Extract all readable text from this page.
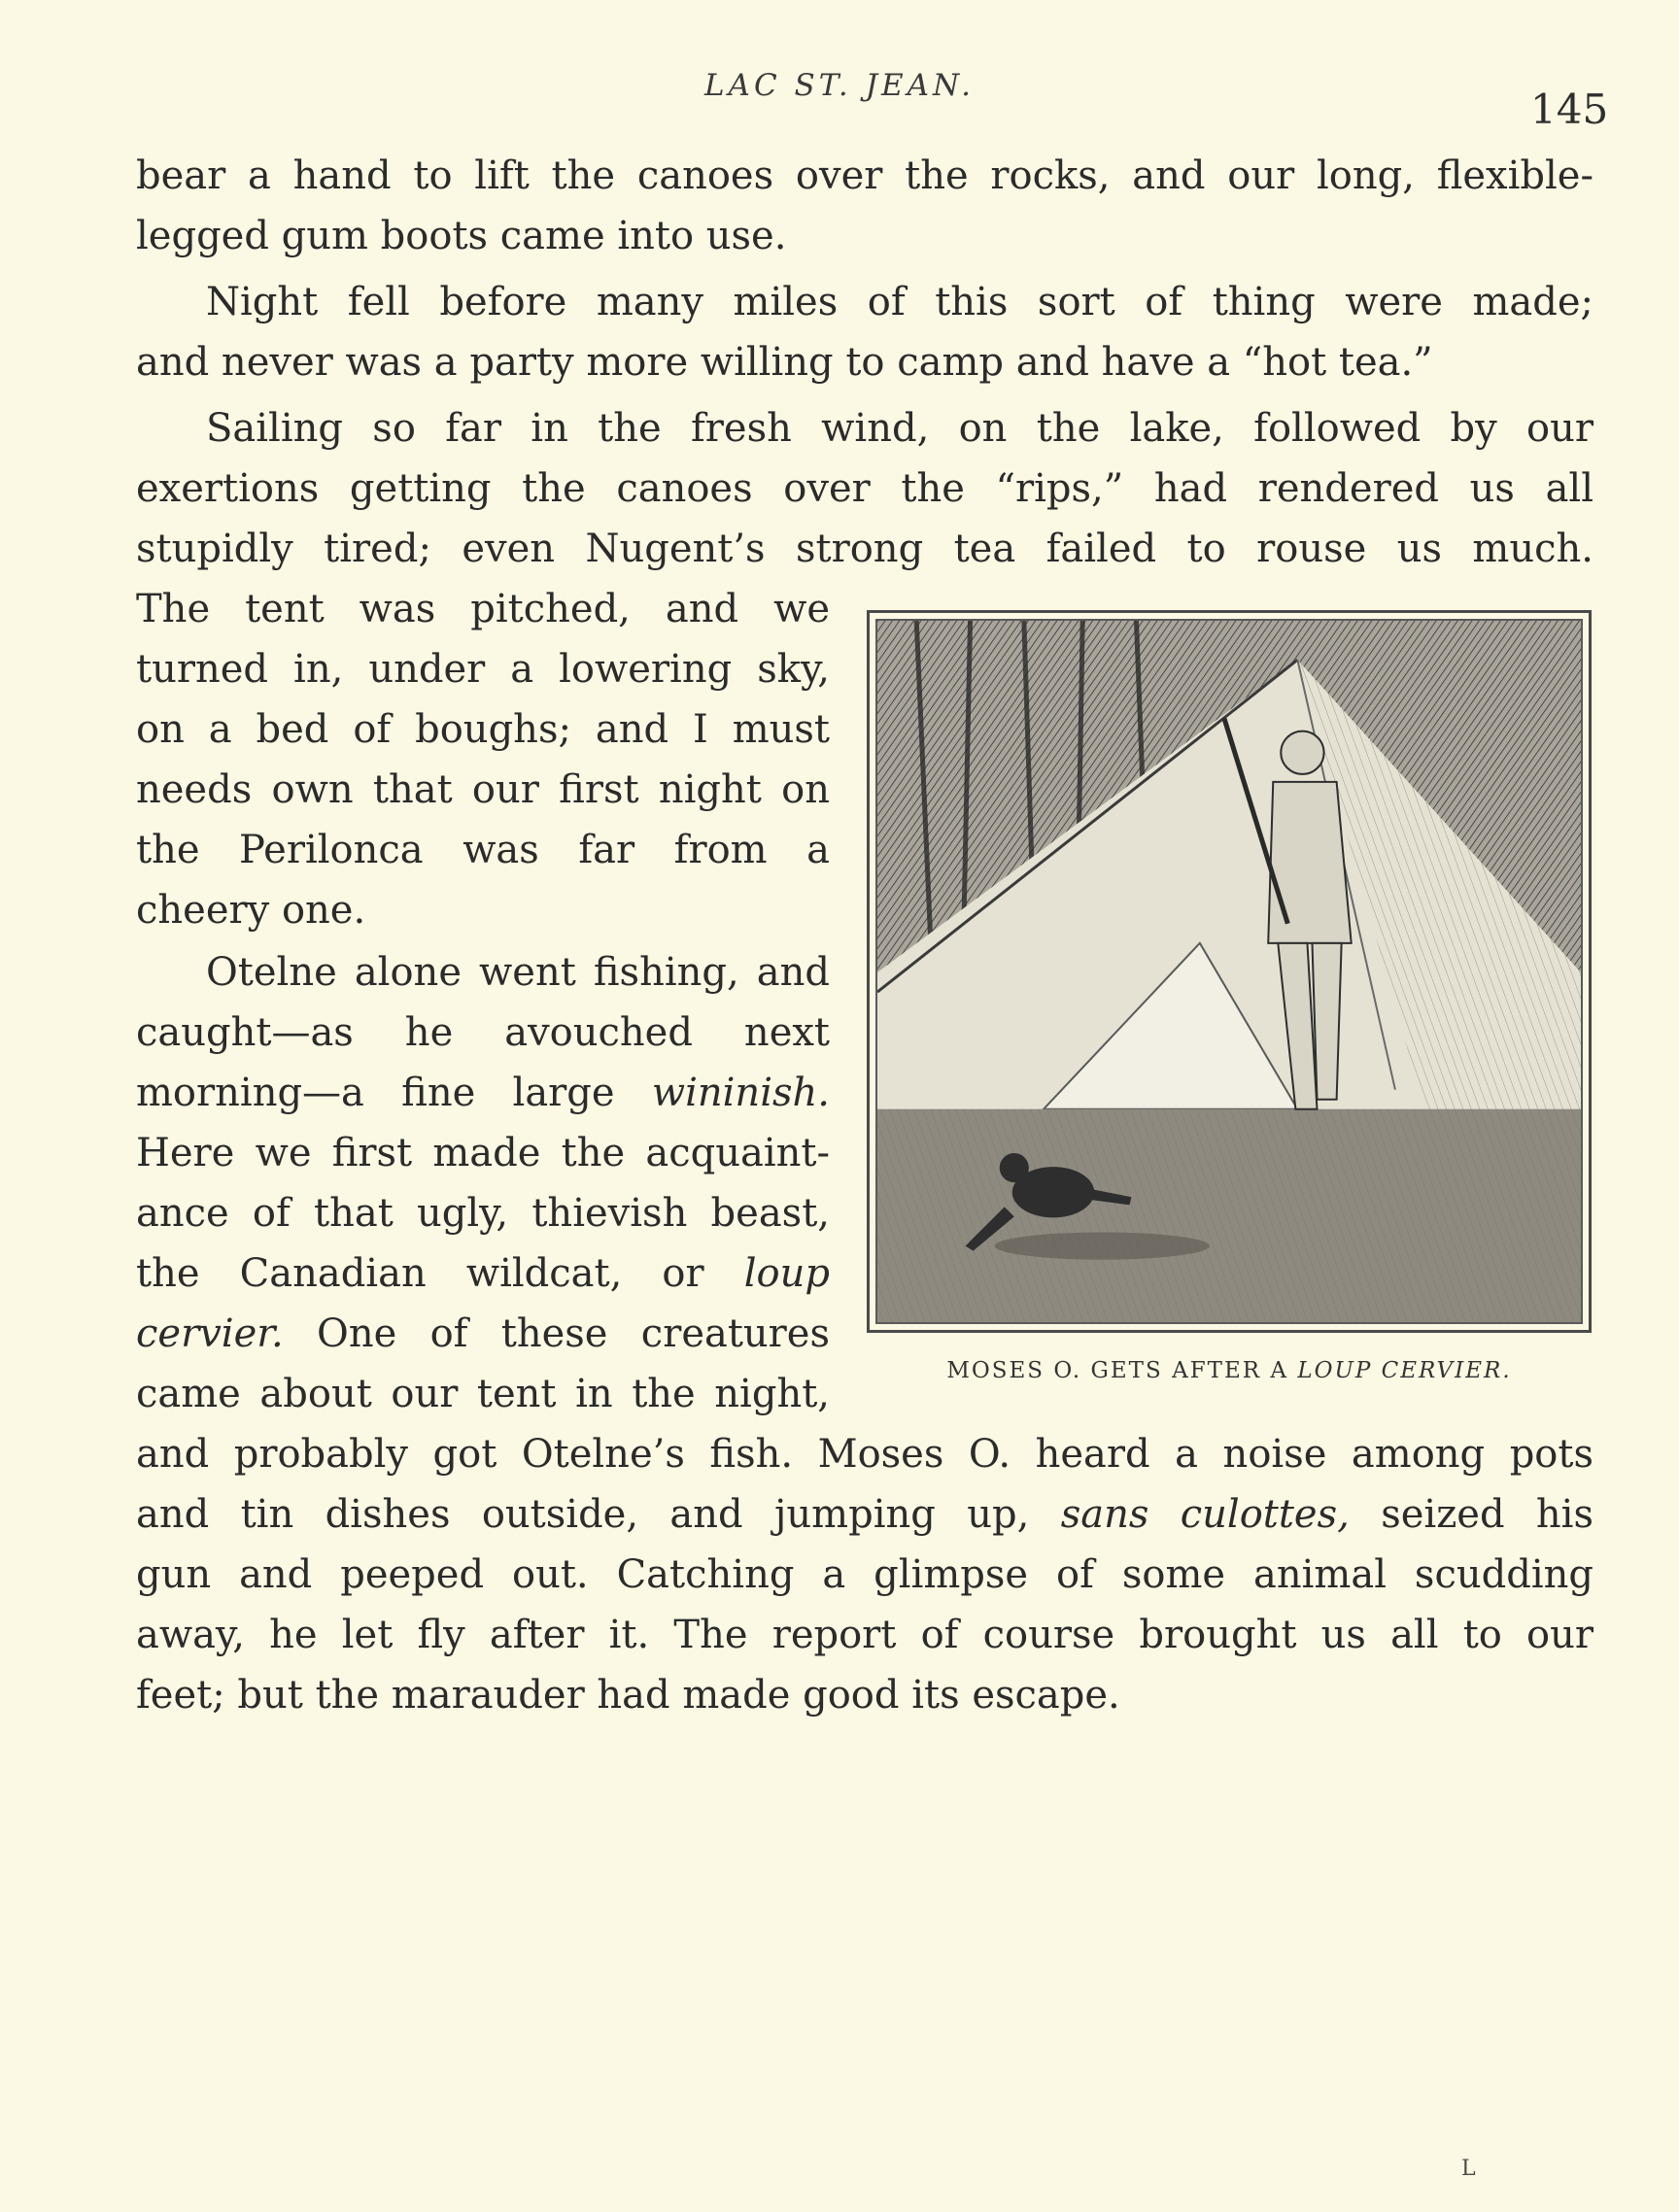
LAC ST. JEAN.	145
bear a hand to lift the canoes over the rocks, and our long, flexible-
legged gum boots came into use.
Night fell before many miles of this sort of thing were made;
and never was a party more willing to camp and have a “hot tea.”
Sailing so far in the fresh wind, on the lake, followed by our
exertions getting the canoes over the “rips,” had rendered us all
stupidly tired; even Nugent’s strong tea failed to rouse us much.
The tent was pitched, and we
turned in, under a lowering sky,
on a bed of boughs; and I must
needs own that our first night on
the Perilonca was far from a
cheery one.
Otelne alone went fishing, and
caught—as he avouched next
morning—a fine large wininish.
Here we first made the acquaint-
ance of that ugly, thievish beast,
the Canadian wildcat, or loup
cervier. One of these creatures
came about our tent in the night,
and probably got Otelne’s fish. Moses O. heard a noise among pots
and tin dishes outside, and jumping up, sans culottes, seized his
gun and peeped out. Catching a glimpse of some animal scudding
away, he let fly after it. The report of course brought us all to our
feet; but the marauder had made good its escape.
MOSES O. GETS AFTER A LOUP CERVIER.
L
